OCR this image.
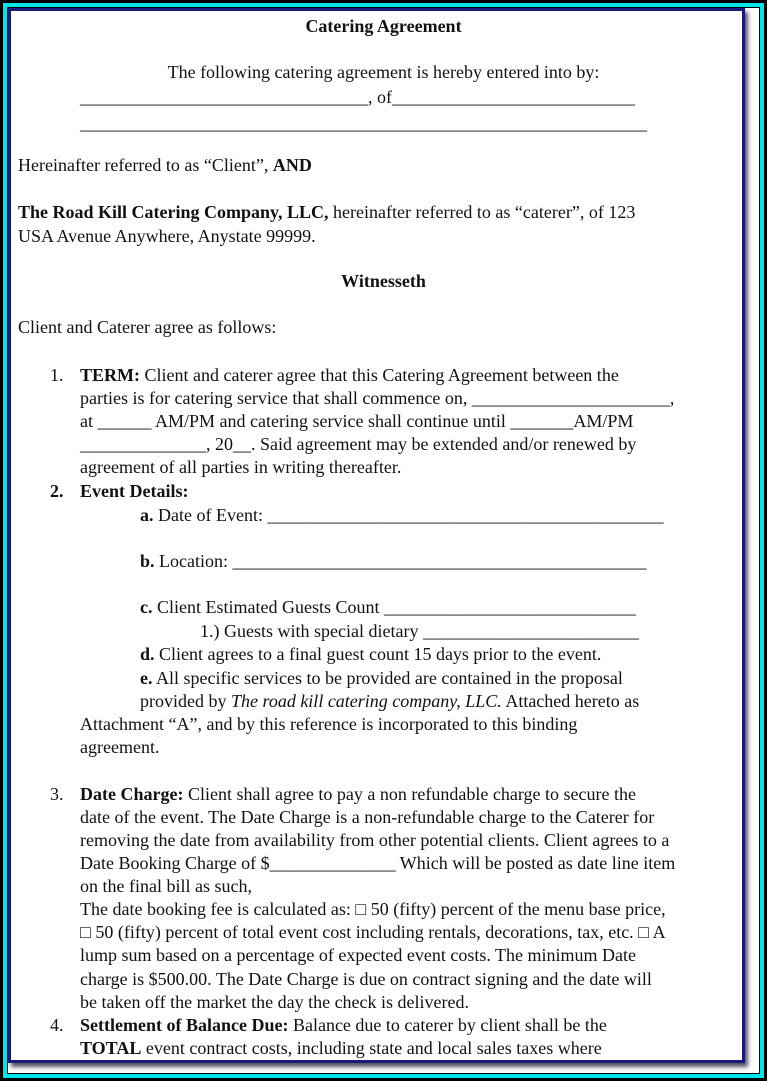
Catering Agreement
The following catering agreement is hereby entered into by:
________________________________, of___________________________
_______________________________________________________________
Hereinafter referred to as “Client”, AND
The Road Kill Catering Company, LLC, hereinafter referred to as “caterer”, of 123
USA Avenue Anywhere, Anystate 99999.
Witnesseth
Client and Caterer agree as follows:
1. TERM: Client and caterer agree that this Catering Agreement between the
parties is for catering service that shall commence on, ______________________,
at ______ AM/PM and catering service shall continue until _______AM/PM
______________, 20__. Said agreement may be extended and/or renewed by
agreement of all parties in writing thereafter.
2. Event Details:
a. Date of Event: ____________________________________________
b. Location: ______________________________________________
c. Client Estimated Guests Count ____________________________
1.) Guests with special dietary ________________________
d. Client agrees to a final guest count 15 days prior to the event.
e. All specific services to be provided are contained in the proposal
provided by The road kill catering company, LLC. Attached hereto as
Attachment “A”, and by this reference is incorporated to this binding
agreement.
3. Date Charge: Client shall agree to pay a non refundable charge to secure the
date of the event. The Date Charge is a non-refundable charge to the Caterer for
removing the date from availability from other potential clients. Client agrees to a
Date Booking Charge of $______________ Which will be posted as date line item
on the final bill as such,
The date booking fee is calculated as: □ 50 (fifty) percent of the menu base price,
□ 50 (fifty) percent of total event cost including rentals, decorations, tax, etc. □ A
lump sum based on a percentage of expected event costs. The minimum Date
charge is $500.00. The Date Charge is due on contract signing and the date will
be taken off the market the day the check is delivered.
4. Settlement of Balance Due: Balance due to caterer by client shall be the
TOTAL event contract costs, including state and local sales taxes where
